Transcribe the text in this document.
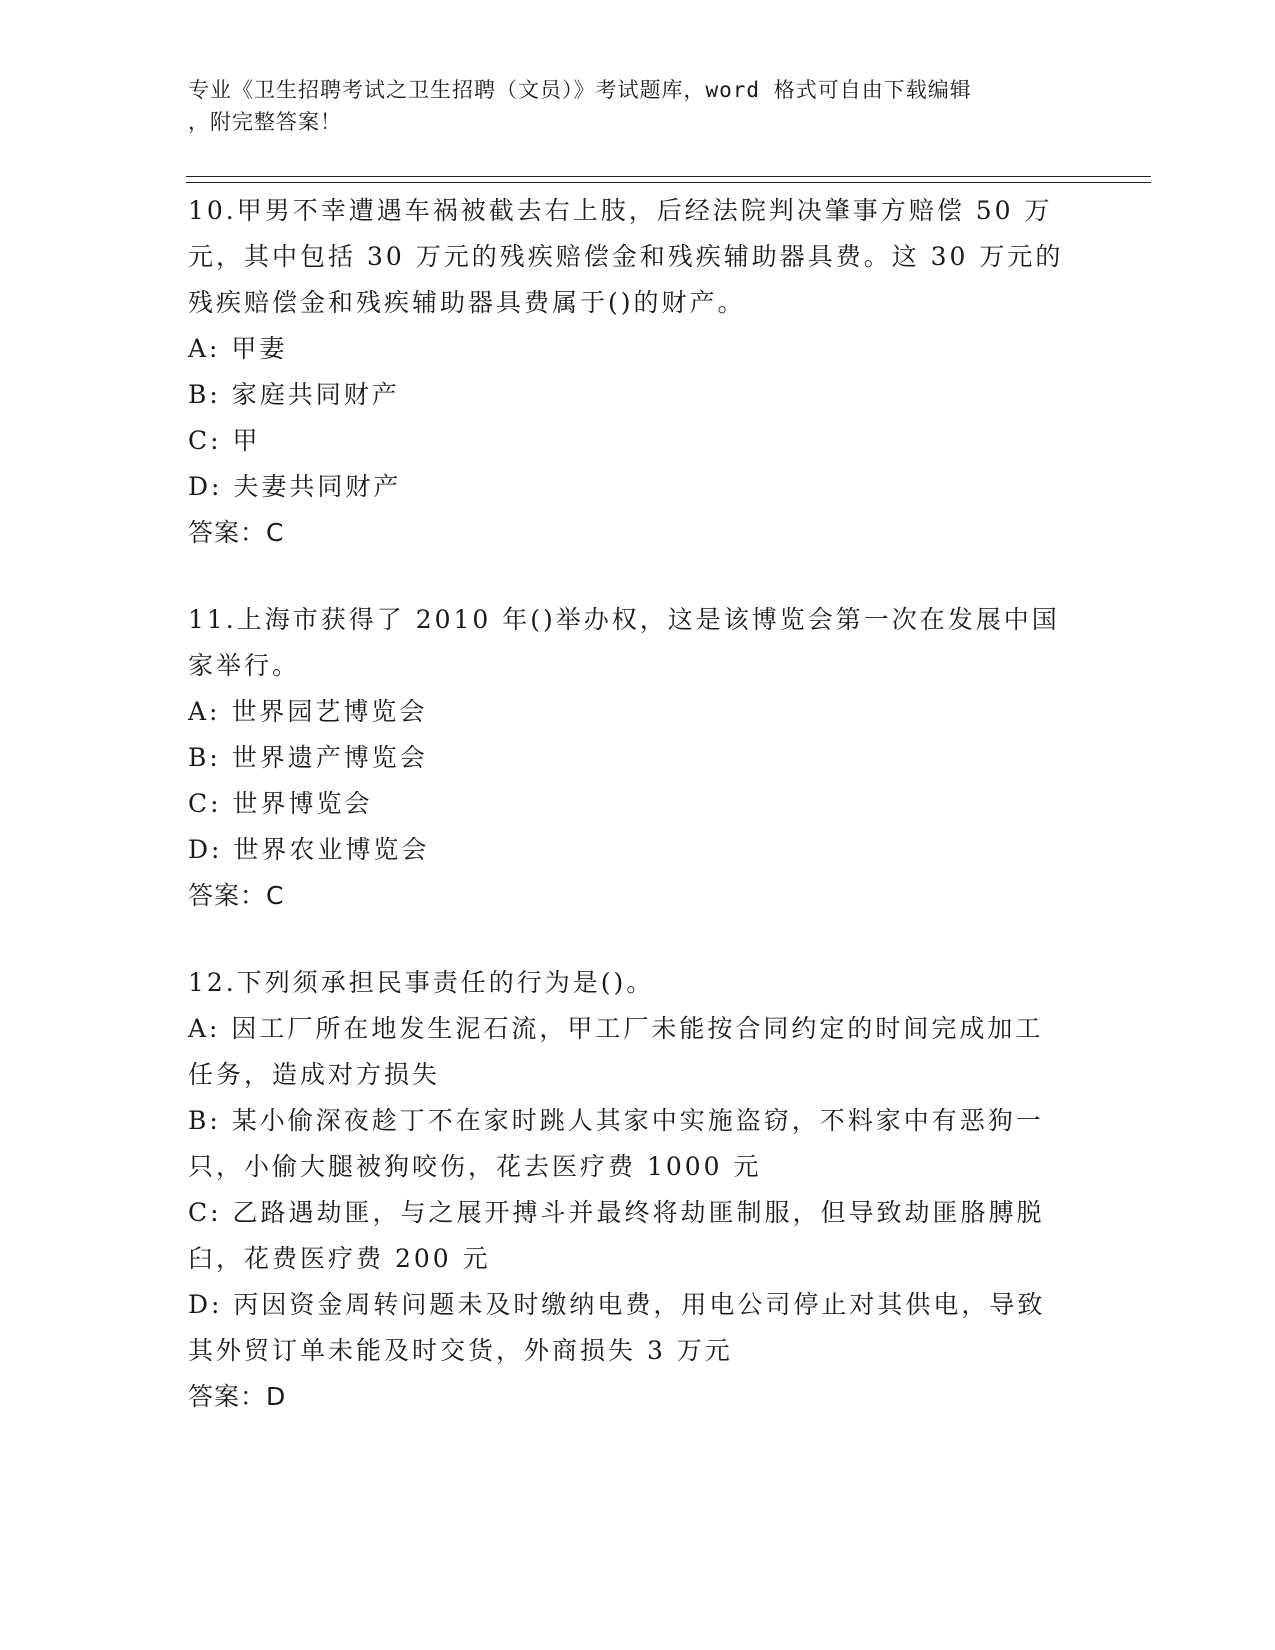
专业《卫生招聘考试之卫生招聘（文员）》考试题库，word 格式可自由下载编辑
，附完整答案！
10.甲男不幸遭遇车祸被截去右上肢，后经法院判决肇事方赔偿 50 万
元，其中包括 30 万元的残疾赔偿金和残疾辅助器具费。这 30 万元的
残疾赔偿金和残疾辅助器具费属于()的财产。
A: 甲妻
B: 家庭共同财产
C: 甲
D: 夫妻共同财产
答案：C
11.上海市获得了 2010 年()举办权，这是该博览会第一次在发展中国
家举行。
A: 世界园艺博览会
B: 世界遗产博览会
C: 世界博览会
D: 世界农业博览会
答案：C
12.下列须承担民事责任的行为是()。
A: 因工厂所在地发生泥石流，甲工厂未能按合同约定的时间完成加工
任务，造成对方损失
B: 某小偷深夜趁丁不在家时跳人其家中实施盗窃，不料家中有恶狗一
只，小偷大腿被狗咬伤，花去医疗费 1000 元
C: 乙路遇劫匪，与之展开搏斗并最终将劫匪制服，但导致劫匪胳膊脱
臼，花费医疗费 200 元
D: 丙因资金周转问题未及时缴纳电费，用电公司停止对其供电，导致
其外贸订单未能及时交货，外商损失 3 万元
答案：D
